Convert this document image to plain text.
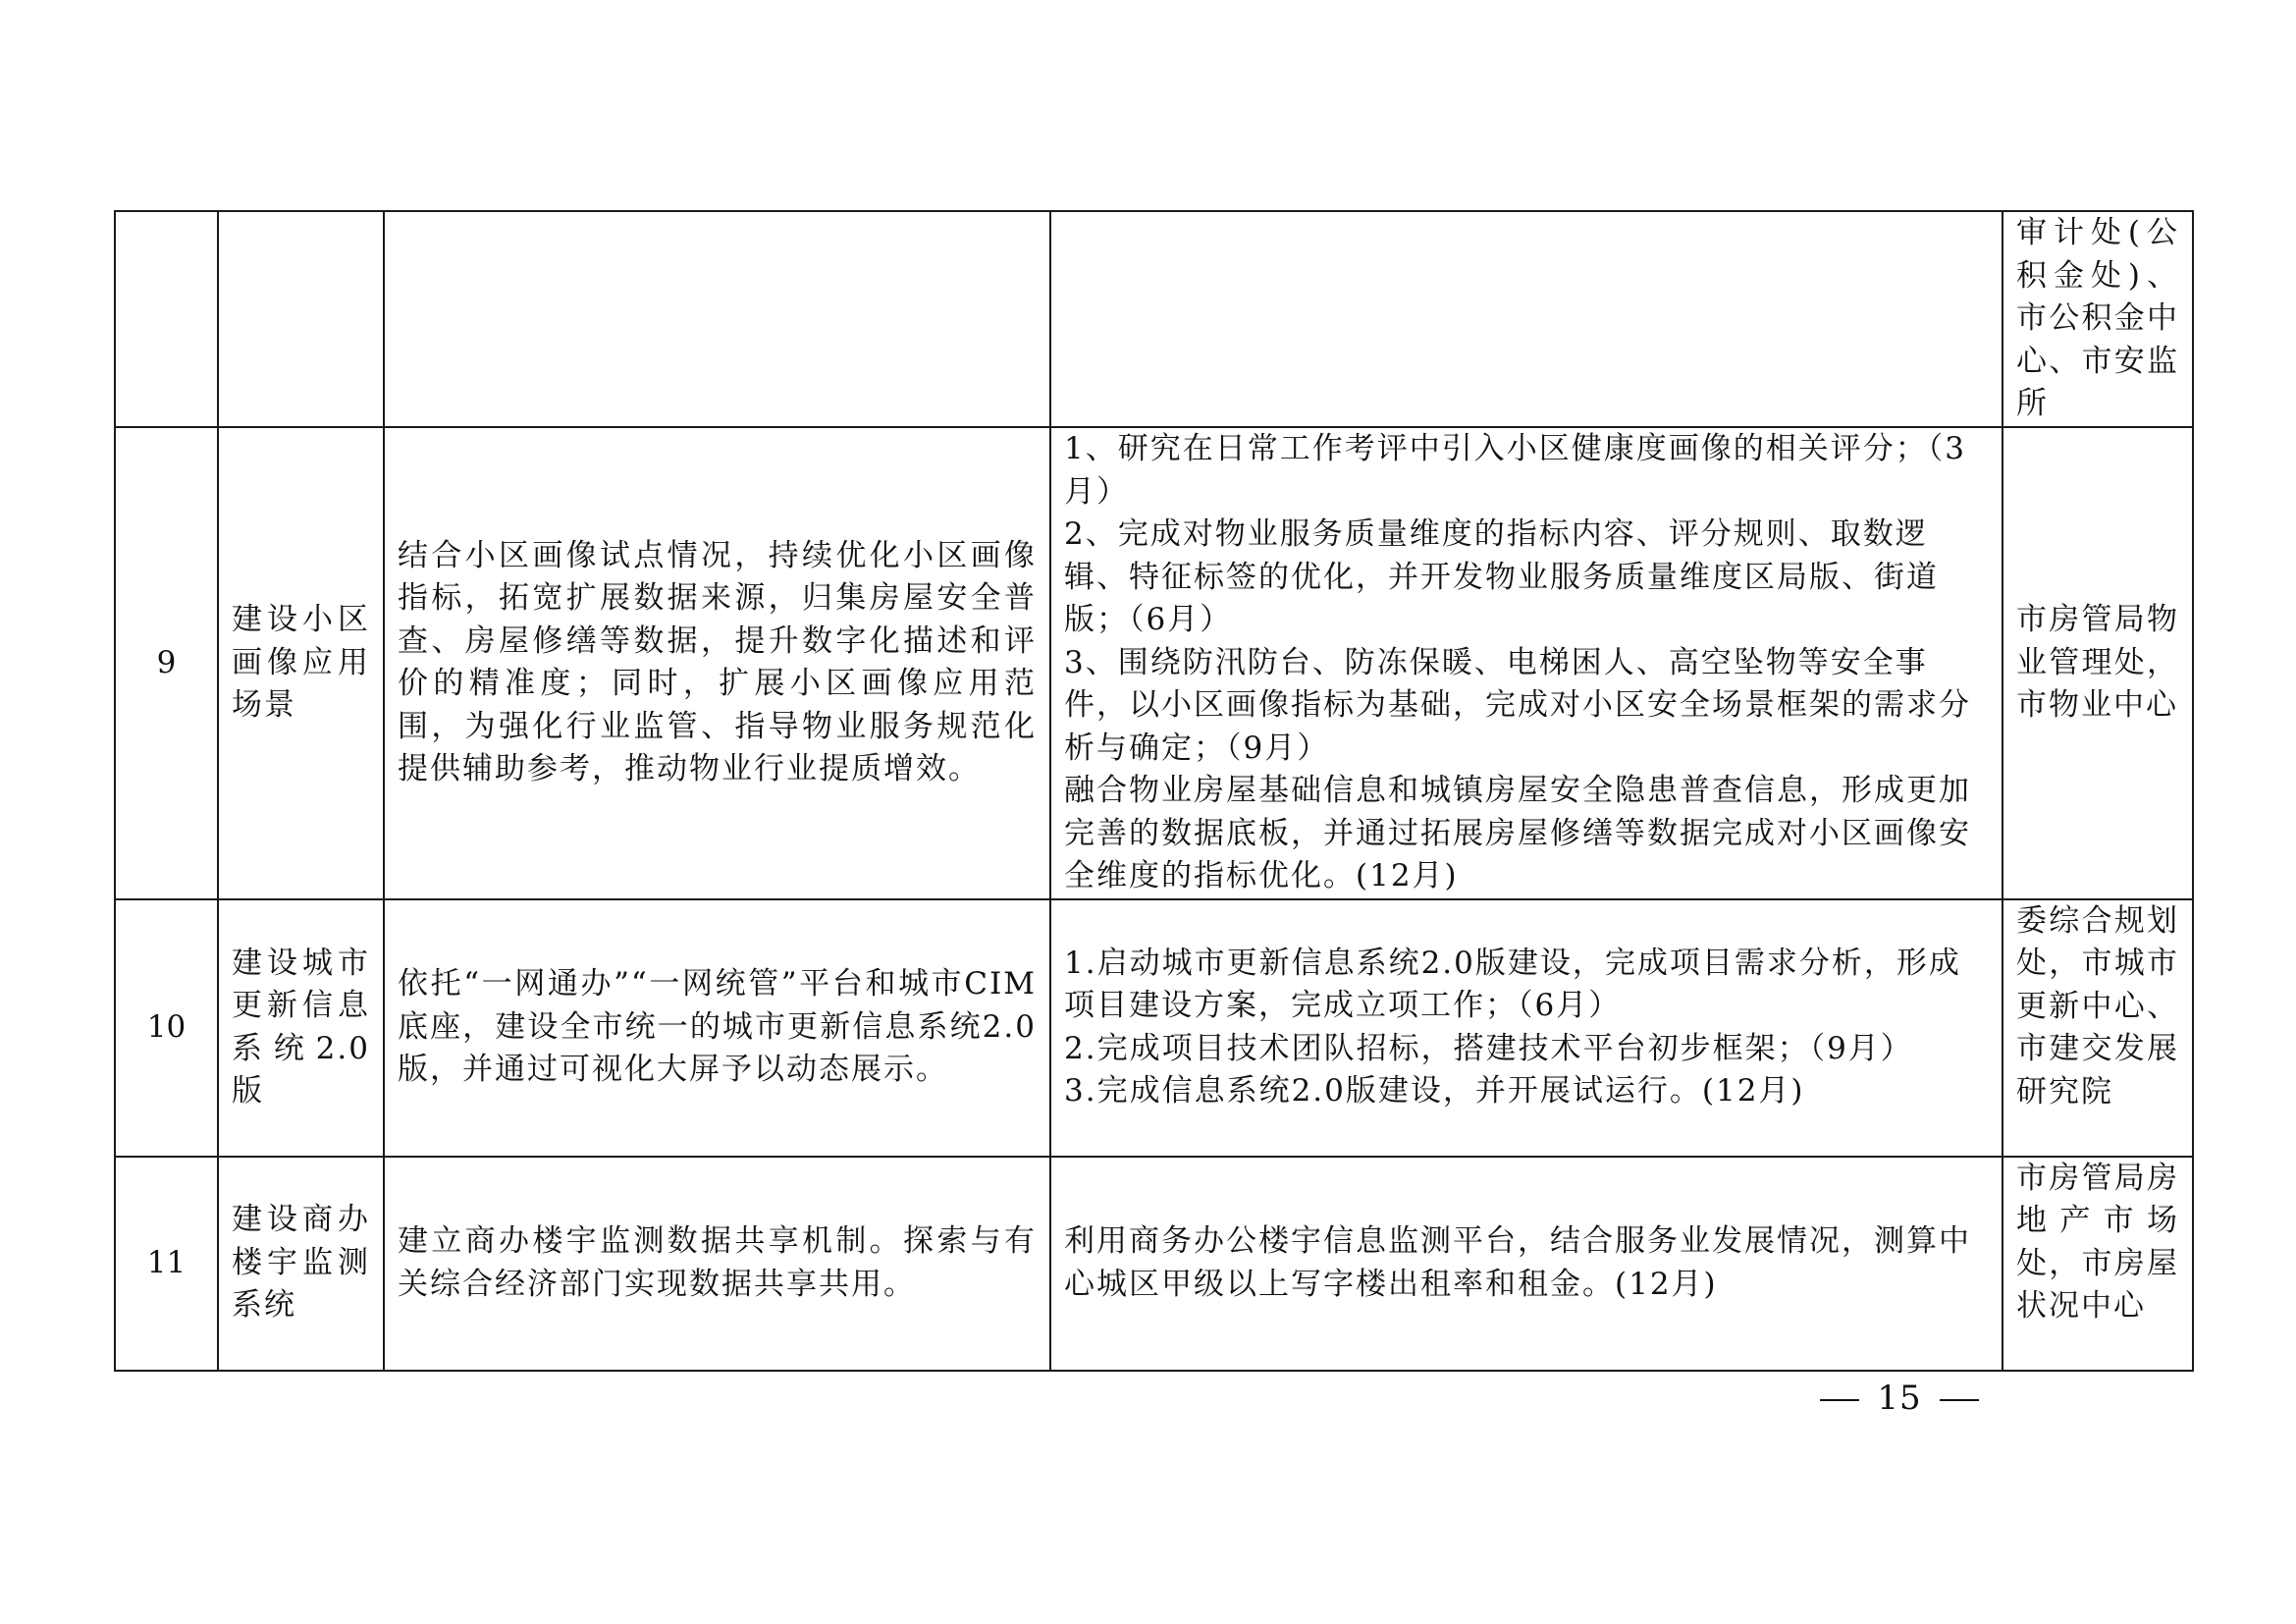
				审计处(公积金处)、市公积金中心、市安监所
9	建设小区画像应用场景	结合小区画像试点情况，持续优化小区画像指标，拓宽扩展数据来源，归集房屋安全普查、房屋修缮等数据，提升数字化描述和评价的精准度；同时，扩展小区画像应用范围，为强化行业监管、指导物业服务规范化提供辅助参考，推动物业行业提质增效。	1、研究在日常工作考评中引入小区健康度画像的相关评分；（3月）
2、完成对物业服务质量维度的指标内容、评分规则、取数逻辑、特征标签的优化，并开发物业服务质量维度区局版、街道版；（6月）
3、围绕防汛防台、防冻保暖、电梯困人、高空坠物等安全事件，以小区画像指标为基础，完成对小区安全场景框架的需求分析与确定；（9月）
融合物业房屋基础信息和城镇房屋安全隐患普查信息，形成更加完善的数据底板，并通过拓展房屋修缮等数据完成对小区画像安全维度的指标优化。(12月)	市房管局物业管理处，市物业中心
10	建设城市更新信息系统2.0版	依托“一网通办”“一网统管”平台和城市CIM底座，建设全市统一的城市更新信息系统2.0版，并通过可视化大屏予以动态展示。	1.启动城市更新信息系统2.0版建设，完成项目需求分析，形成项目建设方案，完成立项工作；（6月）
2.完成项目技术团队招标，搭建技术平台初步框架；（9月）
3.完成信息系统2.0版建设，并开展试运行。(12月)	委综合规划处，市城市更新中心、市建交发展研究院
11	建设商办楼宇监测系统	建立商办楼宇监测数据共享机制。探索与有关综合经济部门实现数据共享共用。	利用商务办公楼宇信息监测平台，结合服务业发展情况，测算中心城区甲级以上写字楼出租率和租金。(12月)	市房管局房地产市场处，市房屋状况中心
15
